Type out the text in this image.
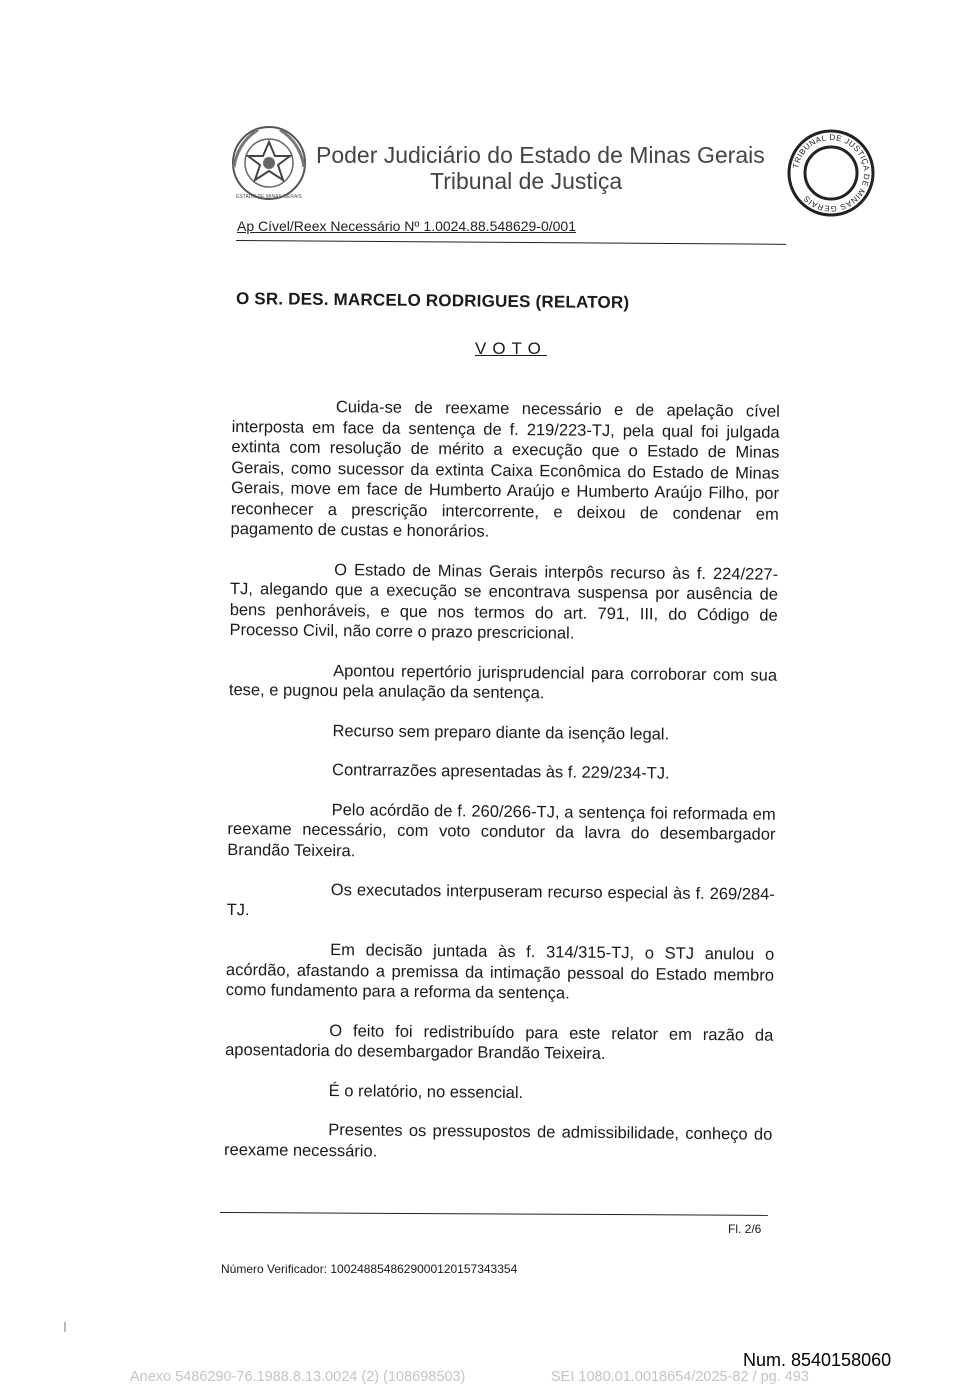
ESTADO DE MINAS GERAIS
Poder Judiciário do Estado de Minas Gerais
Tribunal de Justiça
TRIBUNAL DE JUSTIÇA DE MINAS GERAIS
Ap Cível/Reex Necessário Nº 1.0024.88.548629-0/001
O SR. DES. MARCELO RODRIGUES (RELATOR)
VOTO

Cuida-se de reexame necessário e de apelação cível interposta em face da sentença de f. 219/223-TJ, pela qual foi julgada extinta com resolução de mérito a execução que o Estado de Minas Gerais, como sucessor da extinta Caixa Econômica do Estado de Minas Gerais, move em face de Humberto Araújo e Humberto Araújo Filho, por reconhecer a prescrição intercorrente, e deixou de condenar em pagamento de custas e honorários.

O Estado de Minas Gerais interpôs recurso às f. 224/227-TJ, alegando que a execução se encontrava suspensa por ausência de bens penhoráveis, e que nos termos do art. 791, III, do Código de Processo Civil, não corre o prazo prescricional.

Apontou repertório jurisprudencial para corroborar com sua tese, e pugnou pela anulação da sentença.

Recurso sem preparo diante da isenção legal.

Contrarrazões apresentadas às f. 229/234-TJ.

Pelo acórdão de f. 260/266-TJ, a sentença foi reformada em reexame necessário, com voto condutor da lavra do desembargador Brandão Teixeira.

Os executados interpuseram recurso especial às f. 269/284-TJ.

Em decisão juntada às f. 314/315-TJ, o STJ anulou o acórdão, afastando a premissa da intimação pessoal do Estado membro como fundamento para a reforma da sentença.

O feito foi redistribuído para este relator em razão da aposentadoria do desembargador Brandão Teixeira.

É o relatório, no essencial.

Presentes os pressupostos de admissibilidade, conheço do reexame necessário.

Fl. 2/6
Número Verificador: 1002488548629000120157343354
Num. 8540158060
Anexo 5486290-76.1988.8.13.0024 (2) (108698503)	SEI 1080.01.0018654/2025-82 / pg. 493
